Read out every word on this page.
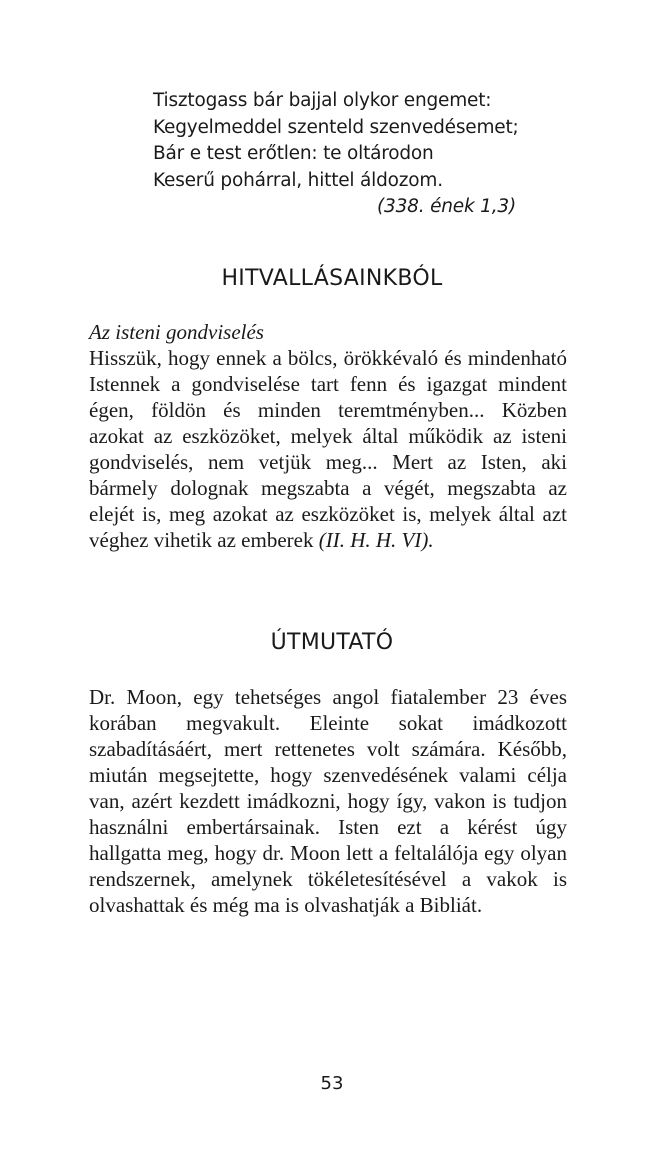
Tisztogass bár bajjal olykor engemet:
Kegyelmeddel szenteld szenvedésemet;
Bár e test erőtlen: te oltárodon
Keserű pohárral, hittel áldozom.
(338. ének 1,3)
HITVALLÁSAINKBÓL
Az isteni gondviselés
Hisszük, hogy ennek a bölcs, örökkévaló és mindenható Istennek a gondviselése tart fenn és igazgat mindent égen, földön és minden teremtményben... Közben azokat az eszközöket, melyek által működik az isteni gondviselés, nem vetjük meg... Mert az Isten, aki bármely dolognak megszabta a végét, megszabta az elejét is, meg azokat az eszközöket is, melyek által azt véghez vihetik az emberek (II. H. H. VI).
ÚTMUTATÓ
Dr. Moon, egy tehetséges angol fiatalember 23 éves korában megvakult. Eleinte sokat imádkozott szabadításáért, mert rettenetes volt számára. Később, miután megsejtette, hogy szenvedésének valami célja van, azért kezdett imádkozni, hogy így, vakon is tudjon használni embertársainak. Isten ezt a kérést úgy hallgatta meg, hogy dr. Moon lett a feltalálója egy olyan rendszernek, amelynek tökéletesítésével a vakok is olvashattak és még ma is olvashatják a Bibliát.
53
